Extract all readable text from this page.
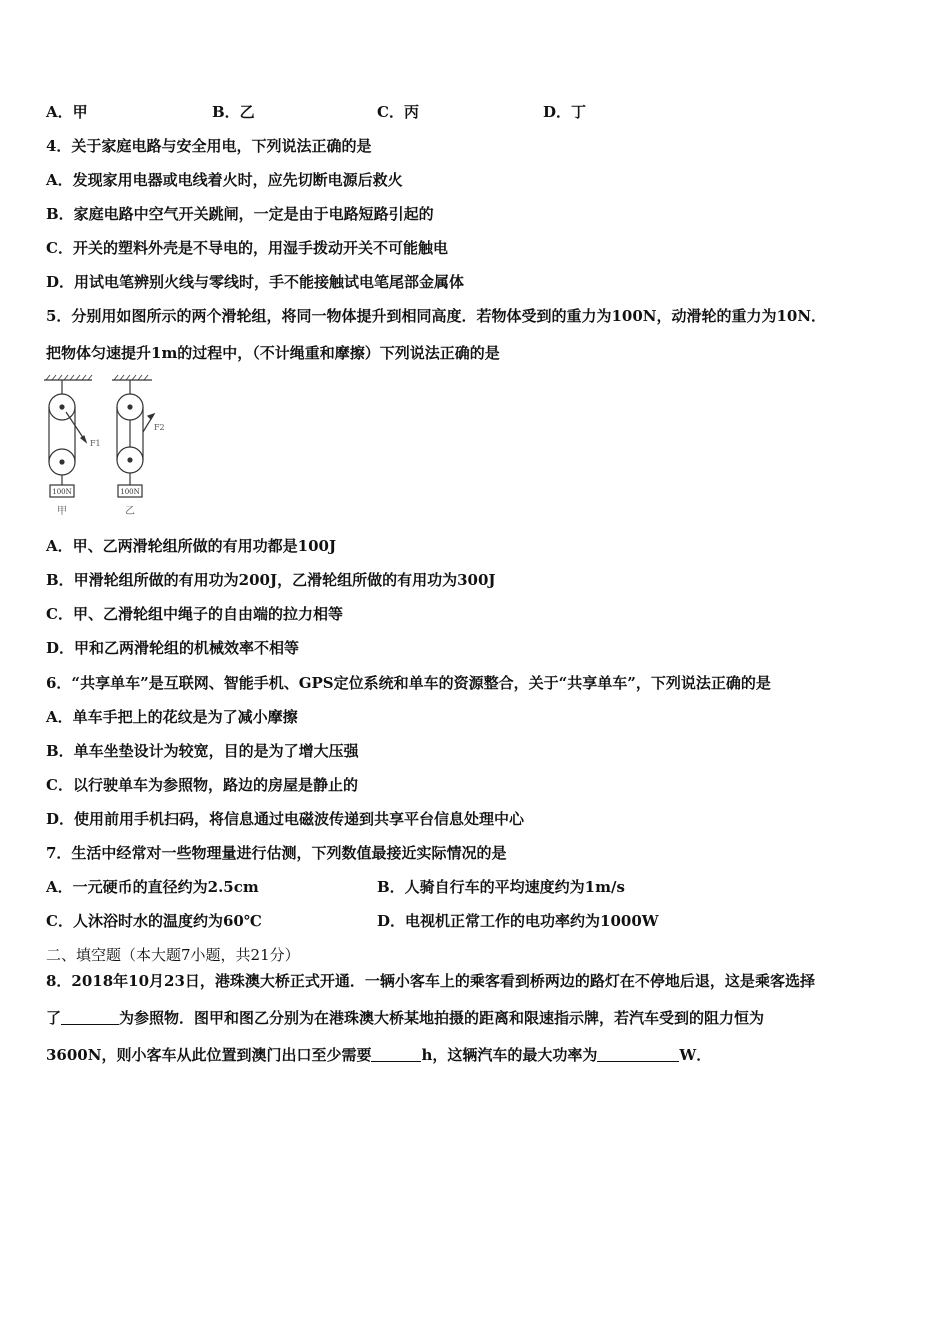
A．甲	B．乙	C．丙	D．丁
4．关于家庭电路与安全用电，下列说法正确的是
A．发现家用电器或电线着火时，应先切断电源后救火
B．家庭电路中空气开关跳闸，一定是由于电路短路引起的
C．开关的塑料外壳是不导电的，用湿手拨动开关不可能触电
D．用试电笔辨别火线与零线时，手不能接触试电笔尾部金属体
5．分别用如图所示的两个滑轮组，将同一物体提升到相同高度．若物体受到的重力为100N，动滑轮的重力为10N．
把物体匀速提升1m的过程中，（不计绳重和摩擦）下列说法正确的是
F1
F2
100N	100N
甲	乙
A．甲、乙两滑轮组所做的有用功都是100J
B．甲滑轮组所做的有用功为200J，乙滑轮组所做的有用功为300J
C．甲、乙滑轮组中绳子的自由端的拉力相等
D．甲和乙两滑轮组的机械效率不相等
6．“共享单车”是互联网、智能手机、GPS定位系统和单车的资源整合，关于“共享单车”，下列说法正确的是
A．单车手把上的花纹是为了减小摩擦
B．单车坐垫设计为较宽，目的是为了增大压强
C．以行驶单车为参照物，路边的房屋是静止的
D．使用前用手机扫码，将信息通过电磁波传递到共享平台信息处理中心
7．生活中经常对一些物理量进行估测，下列数值最接近实际情况的是
A．一元硬币的直径约为2.5cm	B．人骑自行车的平均速度约为1m/s
C．人沐浴时水的温度约为60℃	D．电视机正常工作的电功率约为1000W
二、填空题（本大题7小题，共21分）
8．2018年10月23日，港珠澳大桥正式开通．一辆小客车上的乘客看到桥两边的路灯在不停地后退，这是乘客选择
了	为参照物．图甲和图乙分别为在港珠澳大桥某地拍摄的距离和限速指示牌，若汽车受到的阻力恒为
3600N，则小客车从此位置到澳门出口至少需要	h，这辆汽车的最大功率为	W．
